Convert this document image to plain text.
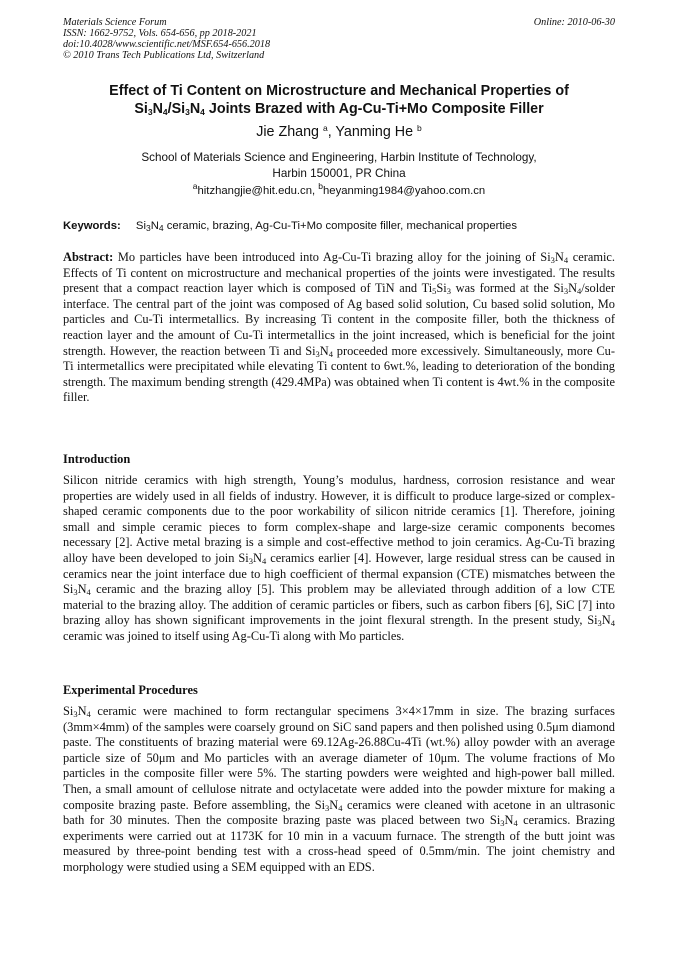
Materials Science Forum
ISSN: 1662-9752, Vols. 654-656, pp 2018-2021
doi:10.4028/www.scientific.net/MSF.654-656.2018
© 2010 Trans Tech Publications Ltd, Switzerland
Online: 2010-06-30
Effect of Ti Content on Microstructure and Mechanical Properties of
$Si_3N_4/Si_3N_4$ Joints Brazed with Ag-Cu-Ti+Mo Composite Filler
Jie Zhang $^a$, Yanming He $^b$
School of Materials Science and Engineering, Harbin Institute of Technology,
Harbin 150001, PR China
$^a$hitzhangjie@hit.edu.cn, $^b$heyanming1984@yahoo.com.cn
Keywords: $Si_3N_4$ ceramic, brazing, Ag-Cu-Ti+Mo composite filler, mechanical properties
Abstract: Mo particles have been introduced into Ag-Cu-Ti brazing alloy for the joining of $Si_3N_4$ ceramic. Effects of Ti content on microstructure and mechanical properties of the joints were investigated. The results present that a compact reaction layer which is composed of TiN and $Ti_5Si_3$ was formed at the $Si_3N_4$/solder interface. The central part of the joint was composed of Ag based solid solution, Cu based solid solution, Mo particles and Cu-Ti intermetallics. By increasing Ti content in the composite filler, both the thickness of reaction layer and the amount of Cu-Ti intermetallics in the joint increased, which is beneficial for the joint strength. However, the reaction between Ti and $Si_3N_4$ proceeded more excessively. Simultaneously, more Cu-Ti intermetallics were precipitated while elevating Ti content to 6wt.%, leading to deterioration of the bonding strength. The maximum bending strength (429.4MPa) was obtained when Ti content is 4wt.% in the composite filler.
Introduction
Silicon nitride ceramics with high strength, Young’s modulus, hardness, corrosion resistance and wear properties are widely used in all fields of industry. However, it is difficult to produce large-sized or complex-shaped ceramic components due to the poor workability of silicon nitride ceramics [1]. Therefore, joining small and simple ceramic pieces to form complex-shape and large-size ceramic components becomes necessary [2]. Active metal brazing is a simple and cost-effective method to join ceramics. Ag-Cu-Ti brazing alloy have been developed to join $Si_3N_4$ ceramics earlier [4]. However, large residual stress can be caused in ceramics near the joint interface due to high coefficient of thermal expansion (CTE) mismatches between the $Si_3N_4$ ceramic and the brazing alloy [5]. This problem may be alleviated through addition of a low CTE material to the brazing alloy. The addition of ceramic particles or fibers, such as carbon fibers [6], SiC [7] into brazing alloy has shown significant improvements in the joint flexural strength. In the present study, $Si_3N_4$ ceramic was joined to itself using Ag-Cu-Ti along with Mo particles.
Experimental Procedures
$Si_3N_4$ ceramic were machined to form rectangular specimens 3×4×17mm in size. The brazing surfaces (3mm×4mm) of the samples were coarsely ground on SiC sand papers and then polished using 0.5μm diamond paste. The constituents of brazing material were 69.12Ag-26.88Cu-4Ti (wt.%) alloy powder with an average particle size of 50μm and Mo particles with an average diameter of 10μm. The volume fractions of Mo particles in the composite filler were 5%. The starting powders were weighted and high-power ball milled. Then, a small amount of cellulose nitrate and octylacetate were added into the powder mixture for making a composite brazing paste. Before assembling, the $Si_3N_4$ ceramics were cleaned with acetone in an ultrasonic bath for 30 minutes. Then the composite brazing paste was placed between two $Si_3N_4$ ceramics. Brazing experiments were carried out at 1173K for 10 min in a vacuum furnace. The strength of the butt joint was measured by three-point bending test with a cross-head speed of 0.5mm/min. The joint chemistry and morphology were studied using a SEM equipped with an EDS.
